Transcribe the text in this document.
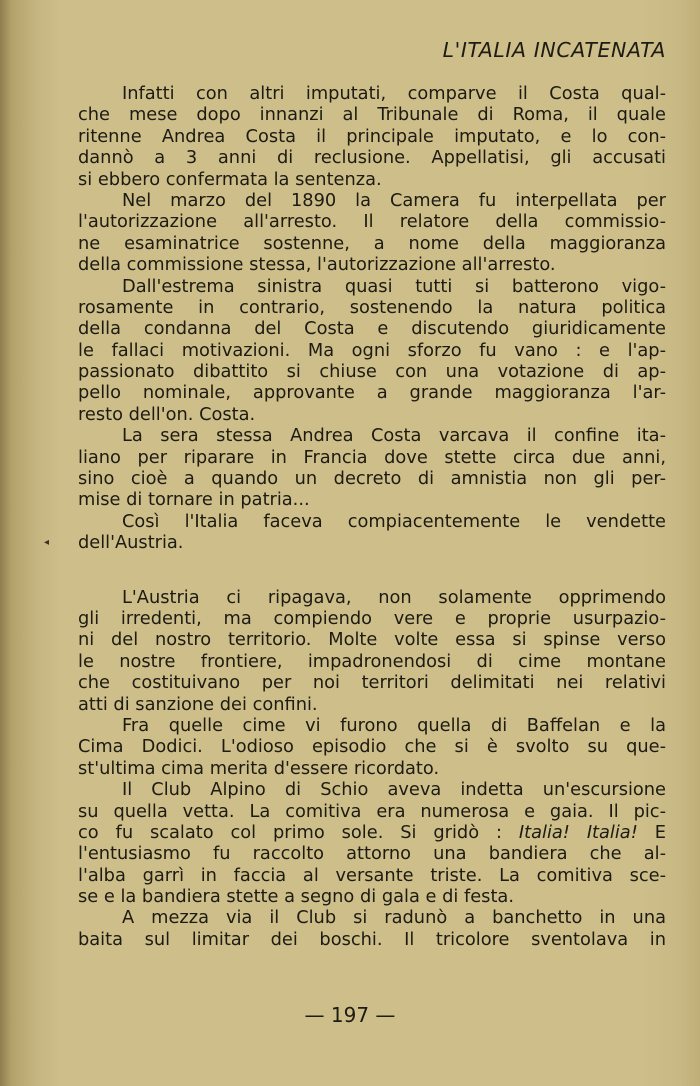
L'ITALIA INCATENATA
◂
Infatti con altri imputati, comparve il Costa qual-
che mese dopo innanzi al Tribunale di Roma, il quale
ritenne Andrea Costa il principale imputato, e lo con-
dannò a 3 anni di reclusione. Appellatisi, gli accusati
si ebbero confermata la sentenza.
Nel marzo del 1890 la Camera fu interpellata per
l'autorizzazione all'arresto. Il relatore della commissio-
ne esaminatrice sostenne, a nome della maggioranza
della commissione stessa, l'autorizzazione all'arresto.
Dall'estrema sinistra quasi tutti si batterono vigo-
rosamente in contrario, sostenendo la natura politica
della condanna del Costa e discutendo giuridicamente
le fallaci motivazioni. Ma ogni sforzo fu vano : e l'ap-
passionato dibattito si chiuse con una votazione di ap-
pello nominale, approvante a grande maggioranza l'ar-
resto dell'on. Costa.
La sera stessa Andrea Costa varcava il confine ita-
liano per riparare in Francia dove stette circa due anni,
sino cioè a quando un decreto di amnistia non gli per-
mise di tornare in patria...
Così l'Italia faceva compiacentemente le vendette
dell'Austria.
L'Austria ci ripagava, non solamente opprimendo
gli irredenti, ma compiendo vere e proprie usurpazio-
ni del nostro territorio. Molte volte essa si spinse verso
le nostre frontiere, impadronendosi di cime montane
che costituivano per noi territori delimitati nei relativi
atti di sanzione dei confini.
Fra quelle cime vi furono quella di Baffelan e la
Cima Dodici. L'odioso episodio che si è svolto su que-
st'ultima cima merita d'essere ricordato.
Il Club Alpino di Schio aveva indetta un'escursione
su quella vetta. La comitiva era numerosa e gaia. Il pic-
co fu scalato col primo sole. Si gridò : Italia! Italia! E
l'entusiasmo fu raccolto attorno una bandiera che al-
l'alba garrì in faccia al versante triste. La comitiva sce-
se e la bandiera stette a segno di gala e di festa.
A mezza via il Club si radunò a banchetto in una
baita sul limitar dei boschi. Il tricolore sventolava in
— 197 —
